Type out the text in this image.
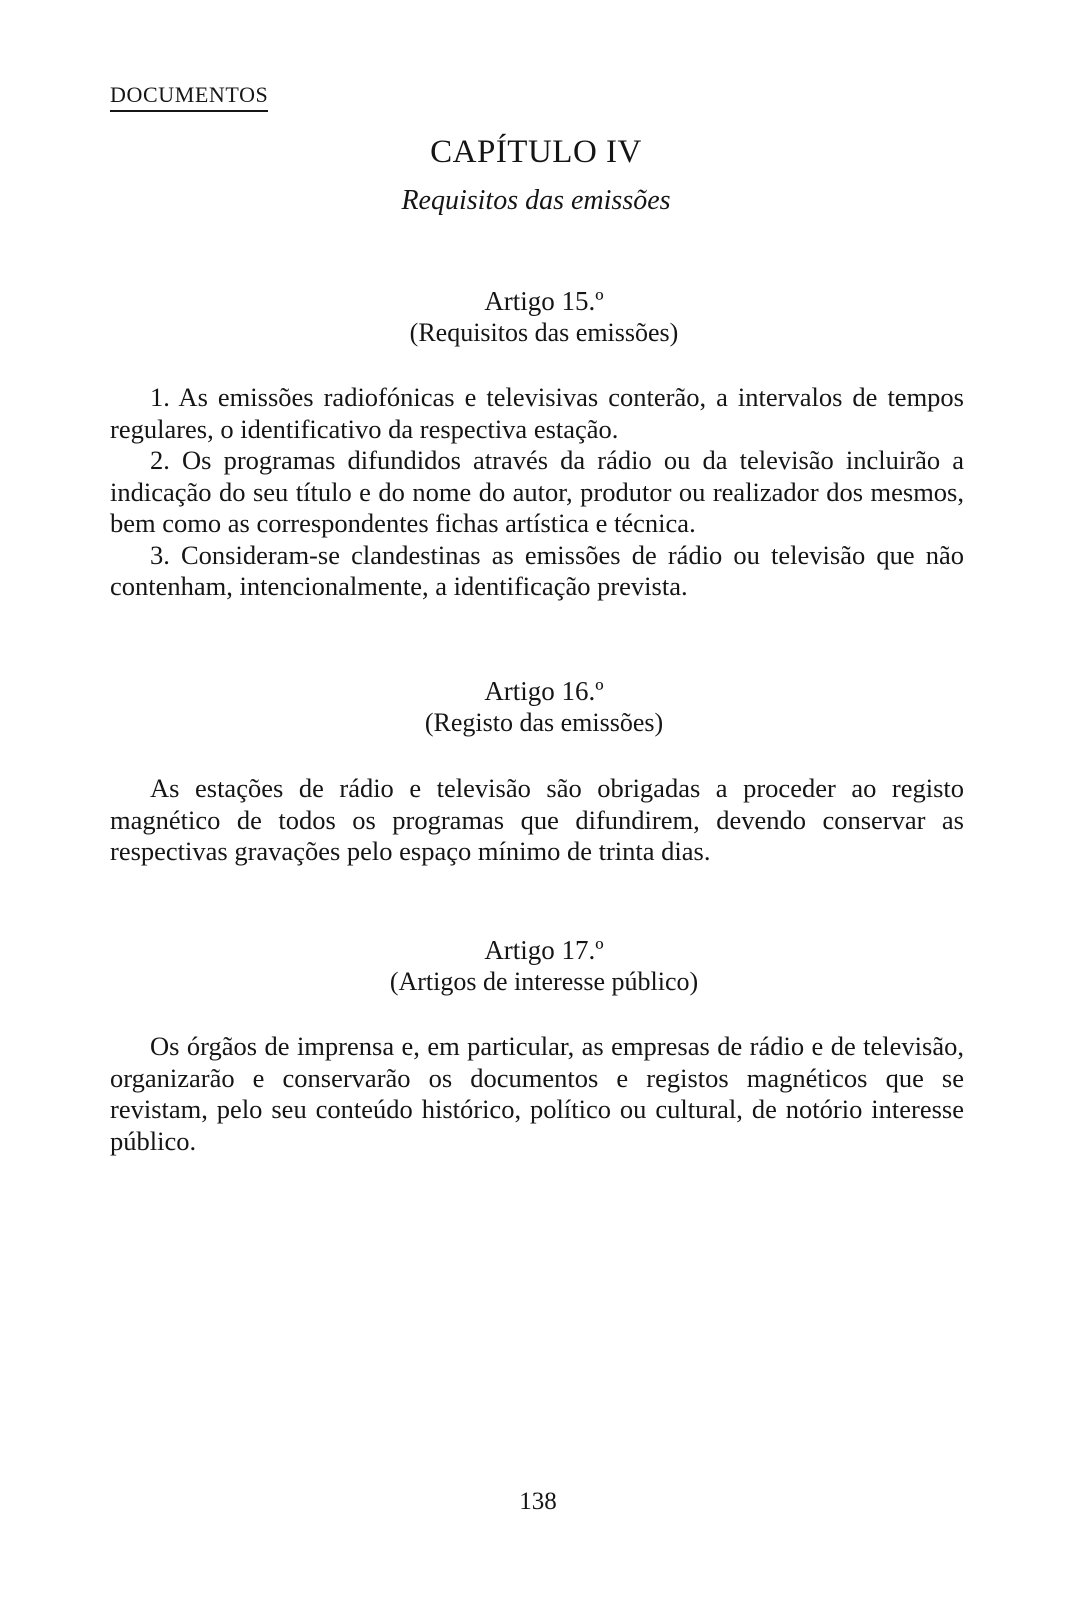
DOCUMENTOS
CAPÍTULO IV
Requisitos das emissões
Artigo 15.º
(Requisitos das emissões)

1. As emissões radiofónicas e televisivas conterão, a intervalos de tempos regulares, o identificativo da respectiva estação.

2. Os programas difundidos através da rádio ou da televisão incluirão a indicação do seu título e do nome do autor, produtor ou realizador dos mesmos, bem como as correspondentes fichas artística e técnica.

3. Consideram-se clandestinas as emissões de rádio ou televisão que não contenham, intencionalmente, a identificação prevista.

Artigo 16.º
(Registo das emissões)

As estações de rádio e televisão são obrigadas a proceder ao registo magnético de todos os programas que difundirem, devendo conservar as respectivas gravações pelo espaço mínimo de trinta dias.

Artigo 17.º
(Artigos de interesse público)

Os órgãos de imprensa e, em particular, as empresas de rádio e de televisão, organizarão e conservarão os documentos e registos magnéticos que se revistam, pelo seu conteúdo histórico, político ou cultural, de notório interesse público.

138
